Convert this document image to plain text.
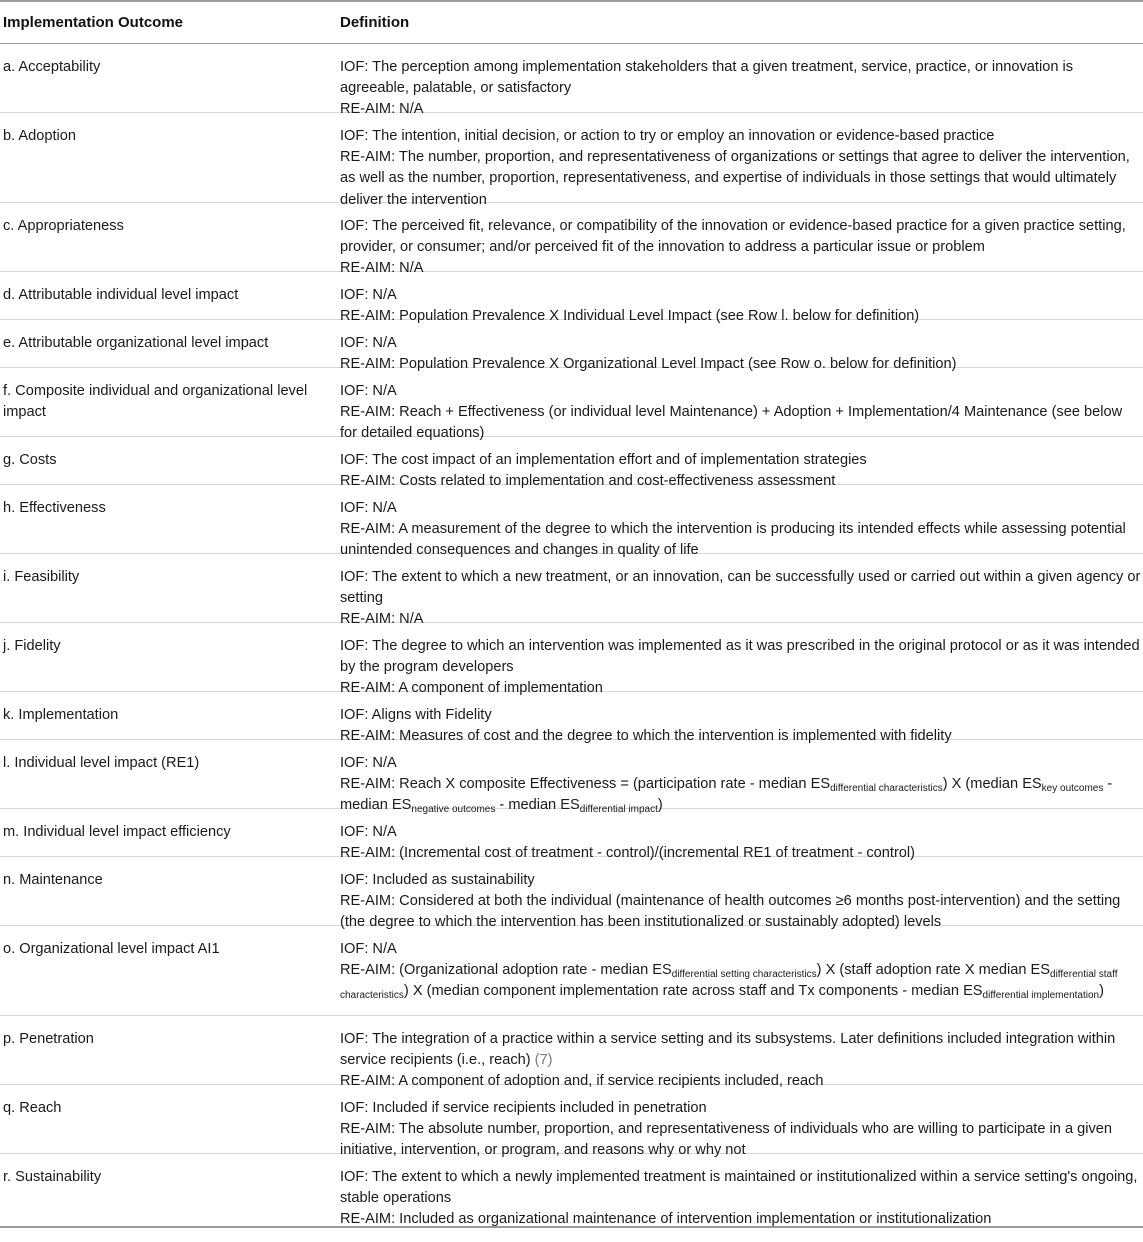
Implementation Outcome	Definition
a. Acceptability	IOF: The perception among implementation stakeholders that a given treatment, service, practice, or innovation is agreeable, palatable, or satisfactory
RE-AIM: N/A
b. Adoption	IOF: The intention, initial decision, or action to try or employ an innovation or evidence-based practice
RE-AIM: The number, proportion, and representativeness of organizations or settings that agree to deliver the intervention, as well as the number, proportion, representativeness, and expertise of individuals in those settings that would ultimately deliver the intervention
c. Appropriateness	IOF: The perceived fit, relevance, or compatibility of the innovation or evidence-based practice for a given practice setting, provider, or consumer; and/or perceived fit of the innovation to address a particular issue or problem
RE-AIM: N/A
d. Attributable individual level impact	IOF: N/A
RE-AIM: Population Prevalence X Individual Level Impact (see Row l. below for definition)
e. Attributable organizational level impact	IOF: N/A
RE-AIM: Population Prevalence X Organizational Level Impact (see Row o. below for definition)
f. Composite individual and organizational level impact
IOF: N/A
RE-AIM: Reach + Effectiveness (or individual level Maintenance) + Adoption + Implementation/4 Maintenance (see below for detailed equations)
g. Costs	IOF: The cost impact of an implementation effort and of implementation strategies
RE-AIM: Costs related to implementation and cost-effectiveness assessment
h. Effectiveness	IOF: N/A
RE-AIM: A measurement of the degree to which the intervention is producing its intended effects while assessing potential unintended consequences and changes in quality of life
i. Feasibility	IOF: The extent to which a new treatment, or an innovation, can be successfully used or carried out within a given agency or setting
RE-AIM: N/A
j. Fidelity	IOF: The degree to which an intervention was implemented as it was prescribed in the original protocol or as it was intended by the program developers
RE-AIM: A component of implementation
k. Implementation	IOF: Aligns with Fidelity
RE-AIM: Measures of cost and the degree to which the intervention is implemented with fidelity
l. Individual level impact (RE1)	IOF: N/A
RE-AIM: Reach X composite Effectiveness = (participation rate - median $ES_{differential characteristics}$) X (median $ES_{key outcomes}$ - median $ES_{negative outcomes}$ - median $ES_{differential impact}$)
m. Individual level impact efficiency	IOF: N/A
RE-AIM: (Incremental cost of treatment - control)/(incremental RE1 of treatment - control)
n. Maintenance	IOF: Included as sustainability
RE-AIM: Considered at both the individual (maintenance of health outcomes ≥6 months post-intervention) and the setting (the degree to which the intervention has been institutionalized or sustainably adopted) levels
o. Organizational level impact AI1	IOF: N/A
RE-AIM: (Organizational adoption rate - median $ES_{differential setting characteristics}$) X (staff adoption rate X median $ES_{differential staff characteristics}$) X (median component implementation rate across staff and Tx components - median $ES_{differential implementation}$)
p. Penetration	IOF: The integration of a practice within a service setting and its subsystems. Later definitions included integration within service recipients (i.e., reach) (7)
RE-AIM: A component of adoption and, if service recipients included, reach
q. Reach	IOF: Included if service recipients included in penetration
RE-AIM: The absolute number, proportion, and representativeness of individuals who are willing to participate in a given initiative, intervention, or program, and reasons why or why not
r. Sustainability	IOF: The extent to which a newly implemented treatment is maintained or institutionalized within a service setting's ongoing, stable operations
RE-AIM: Included as organizational maintenance of intervention implementation or institutionalization
